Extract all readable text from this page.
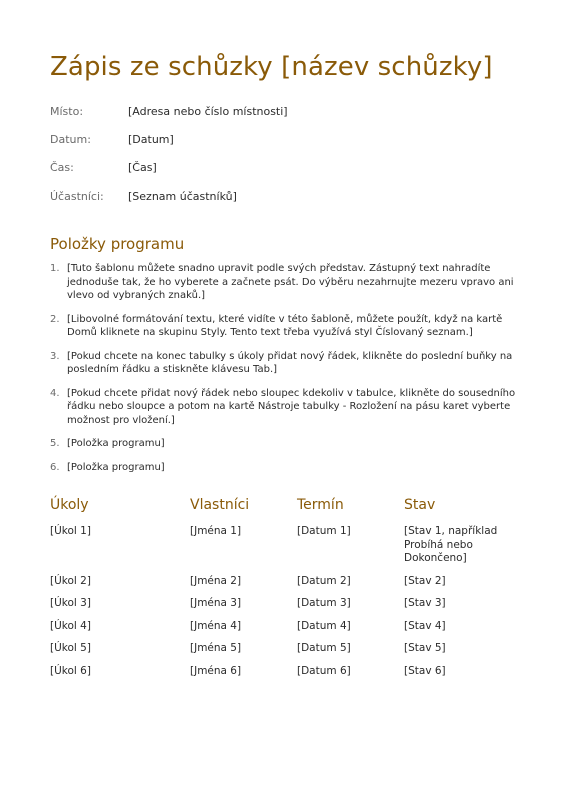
Zápis ze schůzky [název schůzky]
Místo:	[Adresa nebo číslo místnosti]
Datum:	[Datum]
Čas:	[Čas]
Účastníci: [Seznam účastníků]
Položky programu
1. [Tuto šablonu můžete snadno upravit podle svých představ. Zástupný text nahradíte jednoduše tak, že ho vyberete a začnete psát. Do výběru nezahrnujte mezeru vpravo ani vlevo od vybraných znaků.]
2. [Libovolné formátování textu, které vidíte v této šabloně, můžete použít, když na kartě Domů kliknete na skupinu Styly. Tento text třeba využívá styl Číslovaný seznam.]
3. [Pokud chcete na konec tabulky s úkoly přidat nový řádek, klikněte do poslední buňky na posledním řádku a stiskněte klávesu Tab.]
4. [Pokud chcete přidat nový řádek nebo sloupec kdekoliv v tabulce, klikněte do sousedního řádku nebo sloupce a potom na kartě Nástroje tabulky - Rozložení na pásu karet vyberte možnost pro vložení.]
5. [Položka programu]
6. [Položka programu]
Úkoly	Vlastníci	Termín	Stav
[Úkol 1]	[Jména 1]	[Datum 1]	[Stav 1, například Probíhá nebo Dokončeno]
[Úkol 2]	[Jména 2]	[Datum 2]	[Stav 2]
[Úkol 3]	[Jména 3]	[Datum 3]	[Stav 3]
[Úkol 4]	[Jména 4]	[Datum 4]	[Stav 4]
[Úkol 5]	[Jména 5]	[Datum 5]	[Stav 5]
[Úkol 6]	[Jména 6]	[Datum 6]	[Stav 6]
